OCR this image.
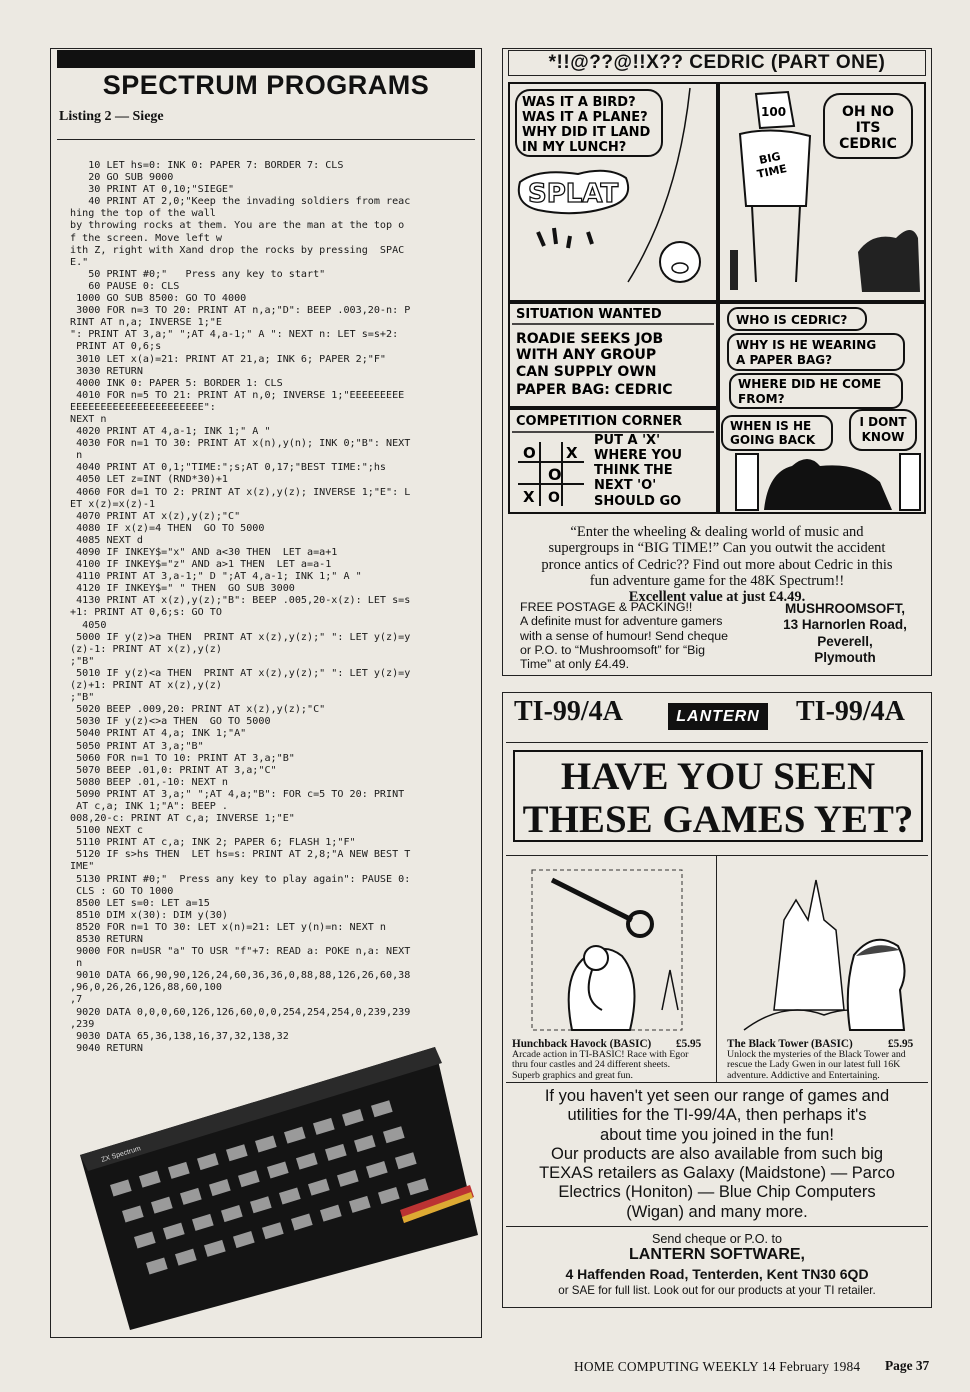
SPECTRUM PROGRAMS
Listing 2 — Siege
10 LET hs=0: INK 0: PAPER 7: BORDER 7: CLS
20 GO SUB 9000
30 PRINT AT 0,10;"SIEGE"
40 PRINT AT 2,0;"Keep the invading soldiers from reac
hing the top of the wall
by throwing rocks at them. You are the man at the top o
f the screen. Move left w
ith Z, right with Xand drop the rocks by pressing  SPAC
E."
50 PRINT #0;"   Press any key to start"
60 PAUSE 0: CLS
1000 GO SUB 8500: GO TO 4000
3000 FOR n=3 TO 20: PRINT AT n,a;"D": BEEP .003,20-n: P
RINT AT n,a; INVERSE 1;"E
": PRINT AT 3,a;" ";AT 4,a-1;" A ": NEXT n: LET s=s+2:
PRINT AT 0,6;s
3010 LET x(a)=21: PRINT AT 21,a; INK 6; PAPER 2;"F"
3030 RETURN
4000 INK 0: PAPER 5: BORDER 1: CLS
4010 FOR n=5 TO 21: PRINT AT n,0; INVERSE 1;"EEEEEEEEE
EEEEEEEEEEEEEEEEEEEEEE":
NEXT n
4020 PRINT AT 4,a-1; INK 1;" A "
4030 FOR n=1 TO 30: PRINT AT x(n),y(n); INK 0;"B": NEXT
n
4040 PRINT AT 0,1;"TIME:";s;AT 0,17;"BEST TIME:";hs
4050 LET z=INT (RND*30)+1
4060 FOR d=1 TO 2: PRINT AT x(z),y(z); INVERSE 1;"E": L
ET x(z)=x(z)-1
4070 PRINT AT x(z),y(z);"C"
4080 IF x(z)=4 THEN  GO TO 5000
4085 NEXT d
4090 IF INKEY$="x" AND a<30 THEN  LET a=a+1
4100 IF INKEY$="z" AND a>1 THEN  LET a=a-1
4110 PRINT AT 3,a-1;" D ";AT 4,a-1; INK 1;" A "
4120 IF INKEY$=" " THEN  GO SUB 3000
4130 PRINT AT x(z),y(z);"B": BEEP .005,20-x(z): LET s=s
+1: PRINT AT 0,6;s: GO TO
4050
5000 IF y(z)>a THEN  PRINT AT x(z),y(z);" ": LET y(z)=y
(z)-1: PRINT AT x(z),y(z)
;"B"
5010 IF y(z)<a THEN  PRINT AT x(z),y(z);" ": LET y(z)=y
(z)+1: PRINT AT x(z),y(z)
;"B"
5020 BEEP .009,20: PRINT AT x(z),y(z);"C"
5030 IF y(z)<>a THEN  GO TO 5000
5040 PRINT AT 4,a; INK 1;"A"
5050 PRINT AT 3,a;"B"
5060 FOR n=1 TO 10: PRINT AT 3,a;"B"
5070 BEEP .01,0: PRINT AT 3,a;"C"
5080 BEEP .01,-10: NEXT n
5090 PRINT AT 3,a;" ";AT 4,a;"B": FOR c=5 TO 20: PRINT
AT c,a; INK 1;"A": BEEP .
008,20-c: PRINT AT c,a; INVERSE 1;"E"
5100 NEXT c
5110 PRINT AT c,a; INK 2; PAPER 6; FLASH 1;"F"
5120 IF s>hs THEN  LET hs=s: PRINT AT 2,8;"A NEW BEST T
IME"
5130 PRINT #0;"  Press any key to play again": PAUSE 0:
CLS : GO TO 1000
8500 LET s=0: LET a=15
8510 DIM x(30): DIM y(30)
8520 FOR n=1 TO 30: LET x(n)=21: LET y(n)=n: NEXT n
8530 RETURN
9000 FOR n=USR "a" TO USR "f"+7: READ a: POKE n,a: NEXT
n
9010 DATA 66,90,90,126,24,60,36,36,0,88,88,126,26,60,38
,96,0,26,26,126,88,60,100
,7
9020 DATA 0,0,0,60,126,126,60,0,0,254,254,254,0,239,239
,239
9030 DATA 65,36,138,16,37,32,138,32
9040 RETURN
ZX Spectrum
*!!@??@!!X?? CEDRIC (PART ONE)
WAS IT A BIRD?
WAS IT A PLANE?
WHY DID IT LAND
IN MY LUNCH?
SPLAT
100
BIG
TIME
OH NO
ITS
CEDRIC
SITUATION WANTED
ROADIE SEEKS JOB
WITH ANY GROUP
CAN SUPPLY OWN
PAPER BAG: CEDRIC
COMPETITION CORNER
O X
X
O
O
PUT A 'X'
WHERE YOU
THINK THE
NEXT 'O'
SHOULD GO
WHO IS CEDRIC?
WHY IS HE WEARING
A PAPER BAG?
WHERE DID HE COME
FROM?
WHEN IS HE
GOING BACK
I DONT
KNOW
“Enter the wheeling & dealing world of music and
supergroups in “BIG TIME!” Can you outwit the accident
pronce antics of Cedric?? Find out more about Cedric in this
fun adventure game for the 48K Spectrum!!
Excellent value at just £4.49.
FREE POSTAGE & PACKING!!
A definite must for adventure gamers
with a sense of humour! Send cheque
or P.O. to “Mushroomsoft” for “Big
Time” at only £4.49.
MUSHROOMSOFT,
13 Harnorlen Road,
Peverell,
Plymouth
TI-99/4A	LANTERN TI-99/4A
HAVE YOU SEEN
THESE GAMES YET?
Hunchback Havock (BASIC) £5.95
Arcade action in TI-BASIC! Race with Egor
thru four castles and 24 different sheets.
Superb graphics and great fun.
The Black Tower (BASIC)	£5.95
Unlock the mysteries of the Black Tower and
rescue the Lady Gwen in our latest full 16K
adventure. Addictive and Entertaining.
If you haven't yet seen our range of games and
utilities for the TI-99/4A, then perhaps it's
about time you joined in the fun!
Our products are also available from such big
TEXAS retailers as Galaxy (Maidstone) — Parco
Electrics (Honiton) — Blue Chip Computers
(Wigan) and many more.
Send cheque or P.O. to
LANTERN SOFTWARE,
4 Haffenden Road, Tenterden, Kent TN30 6QD
or SAE for full list. Look out for our products at your TI retailer.
HOME COMPUTING WEEKLY 14 February 1984 Page 37
